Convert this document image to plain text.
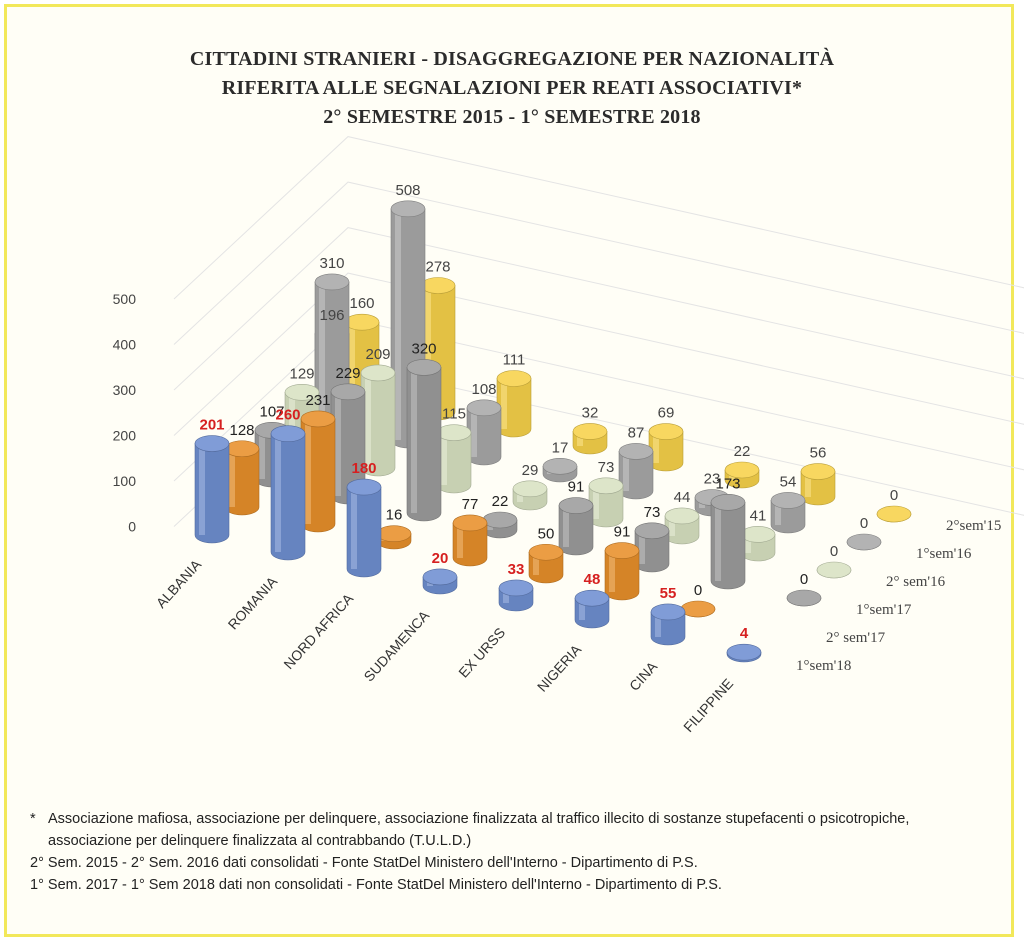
CITTADINI STRANIERI - DISAGGREGAZIONE PER NAZIONALITÀ
RIFERITA ALLE SEGNALAZIONI PER REATI ASSOCIATIVI*
2° SEMESTRE 2015 - 1° SEMESTRE 2018
0
100
200
300
400
500	160
278
111
32	69
22	56
0
196
310
508
108
17
87
23	54
0
129
209
115
29	73
44
41
0
107
229
320
22
91
73
173
0
128
231
16
77
50	91
0
201
260
180
20
33
48
55
4
ALBANIA ROMANIA NORD AFRICA SUDAMENCA EX URSS NIGERIA	CINA FILIPPINE
2°sem'15
1°sem'16
2° sem'16
1°sem'17
2° sem'17
1°sem'18
* Associazione mafiosa, associazione per delinquere, associazione finalizzata al traffico illecito di sostanze stupefacenti o psicotropiche, associazione per delinquere finalizzata al contrabbando (T.U.L.D.)
2° Sem. 2015 - 2° Sem. 2016 dati consolidati - Fonte StatDel Ministero dell'Interno - Dipartimento di P.S.
1° Sem. 2017 - 1° Sem 2018 dati non consolidati - Fonte StatDel Ministero dell'Interno - Dipartimento di P.S.
